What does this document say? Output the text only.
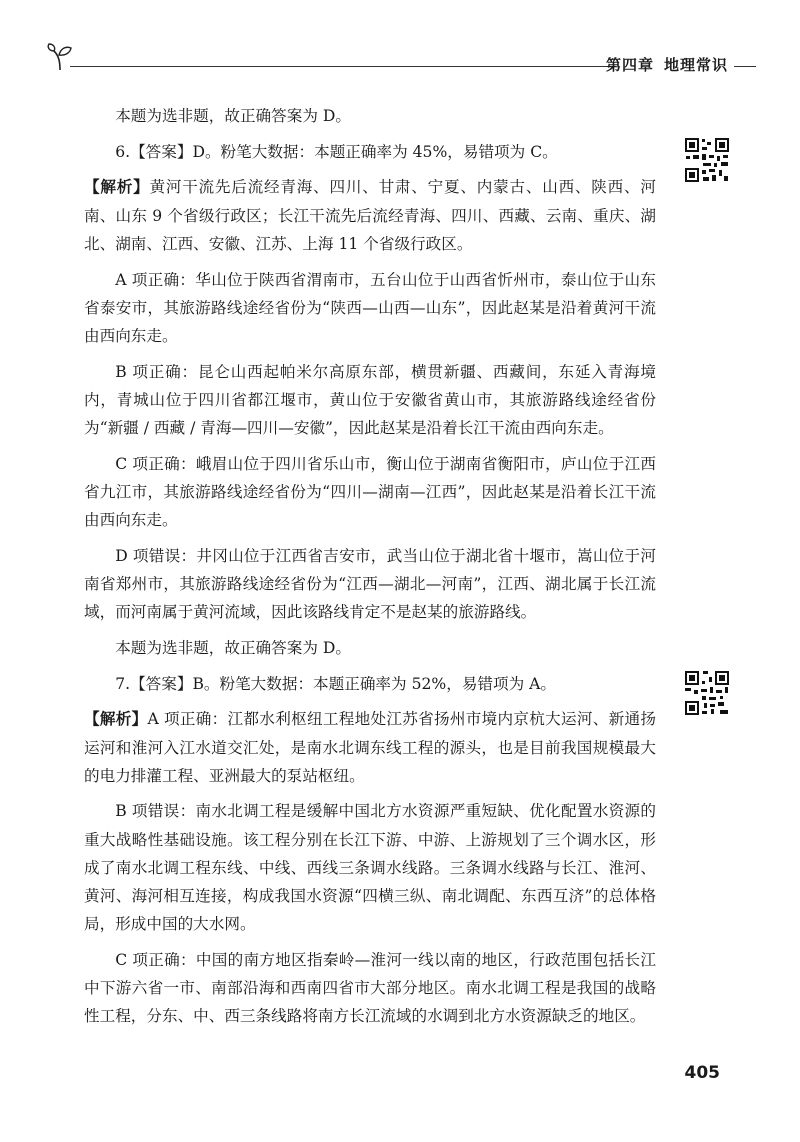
第四章 地理常识

本题为选非题，故正确答案为 D。

6.【答案】D。粉笔大数据：本题正确率为 45%，易错项为 C。

【解析】黄河干流先后流经青海、四川、甘肃、宁夏、内蒙古、山西、陕西、河南、山东 9 个省级行政区；长江干流先后流经青海、四川、西藏、云南、重庆、湖北、湖南、江西、安徽、江苏、上海 11 个省级行政区。

A 项正确：华山位于陕西省渭南市，五台山位于山西省忻州市，泰山位于山东省泰安市，其旅游路线途经省份为“陕西—山西—山东”，因此赵某是沿着黄河干流由西向东走。

B 项正确：昆仑山西起帕米尔高原东部，横贯新疆、西藏间，东延入青海境内，青城山位于四川省都江堰市，黄山位于安徽省黄山市，其旅游路线途经省份为“新疆 / 西藏 / 青海—四川—安徽”，因此赵某是沿着长江干流由西向东走。

C 项正确：峨眉山位于四川省乐山市，衡山位于湖南省衡阳市，庐山位于江西省九江市，其旅游路线途经省份为“四川—湖南—江西”，因此赵某是沿着长江干流由西向东走。

D 项错误：井冈山位于江西省吉安市，武当山位于湖北省十堰市，嵩山位于河南省郑州市，其旅游路线途经省份为“江西—湖北—河南”，江西、湖北属于长江流域，而河南属于黄河流域，因此该路线肯定不是赵某的旅游路线。

本题为选非题，故正确答案为 D。

7.【答案】B。粉笔大数据：本题正确率为 52%，易错项为 A。

【解析】A 项正确：江都水利枢纽工程地处江苏省扬州市境内京杭大运河、新通扬运河和淮河入江水道交汇处，是南水北调东线工程的源头，也是目前我国规模最大的电力排灌工程、亚洲最大的泵站枢纽。

B 项错误：南水北调工程是缓解中国北方水资源严重短缺、优化配置水资源的重大战略性基础设施。该工程分别在长江下游、中游、上游规划了三个调水区，形成了南水北调工程东线、中线、西线三条调水线路。三条调水线路与长江、淮河、黄河、海河相互连接，构成我国水资源“四横三纵、南北调配、东西互济”的总体格局，形成中国的大水网。

C 项正确：中国的南方地区指秦岭—淮河一线以南的地区，行政范围包括长江中下游六省一市、南部沿海和西南四省市大部分地区。南水北调工程是我国的战略性工程，分东、中、西三条线路将南方长江流域的水调到北方水资源缺乏的地区。

405
